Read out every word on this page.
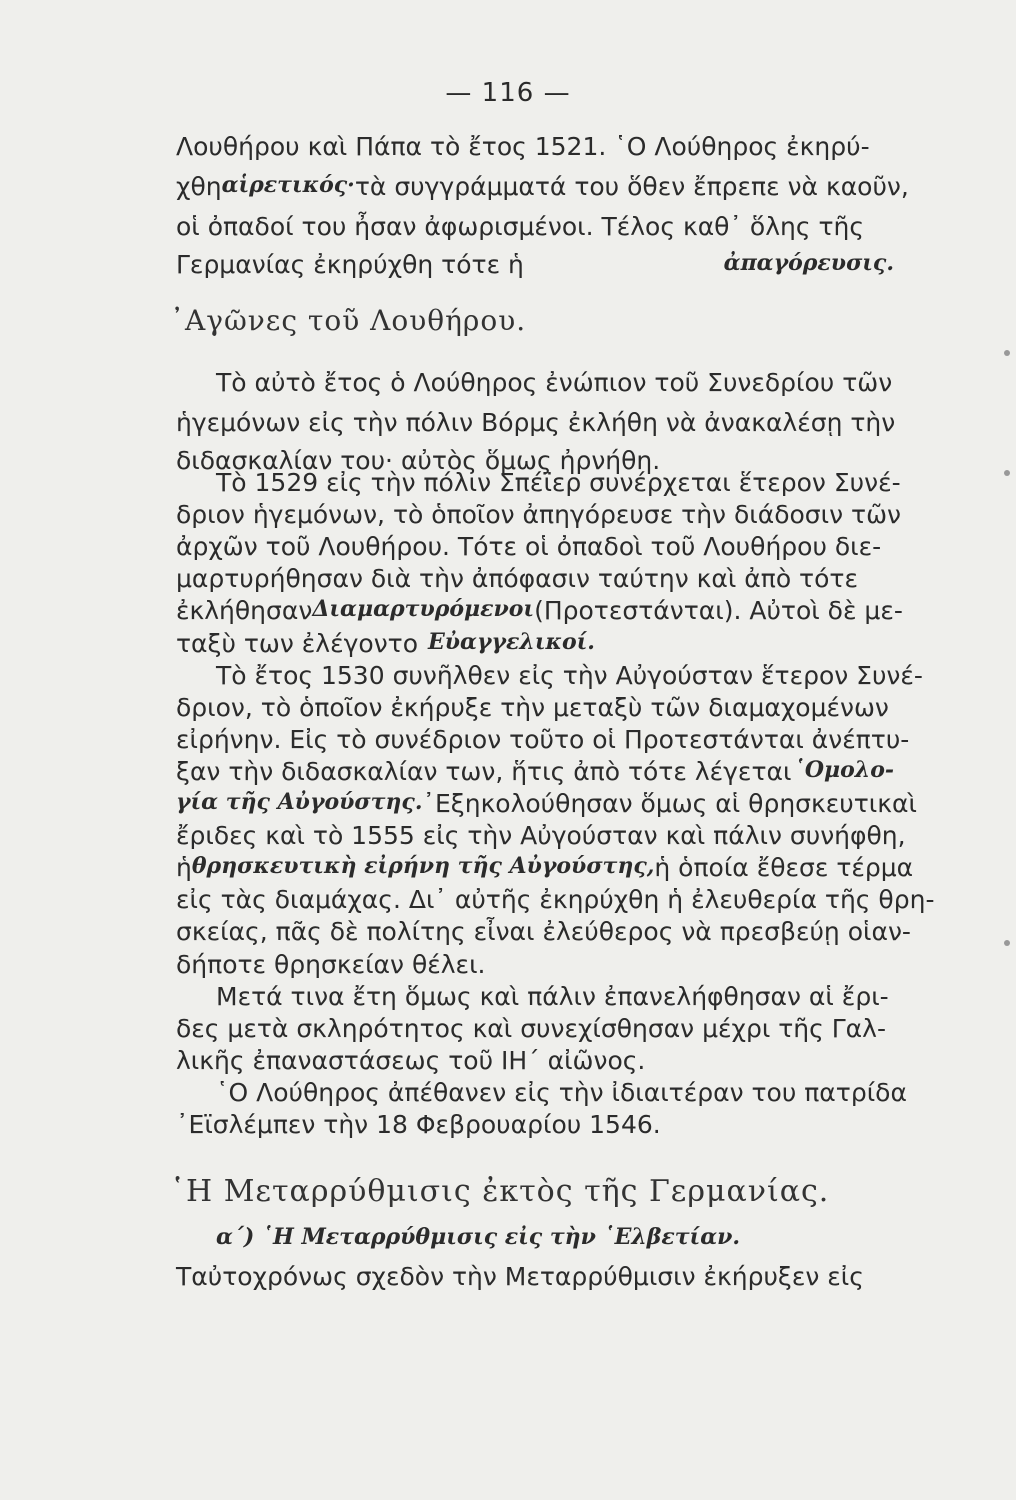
— 116 —
᾿Αγῶνες τοῦ Λουθήρου.
῾Η Μεταρρύθμισις ἐκτὸς τῆς Γερμανίας.
α΄) ῾Η Μεταρρύθμισις εἰς τὴν ῾Ελβετίαν.
Λουθήρου καὶ Πάπα τὸ ἔτος 1521. ῾Ο Λούθηρος ἐκηρύ-
χθη αἱρετικός· τὰ συγγράμματά του ὅθεν ἔπρεπε νὰ καοῦν,
οἱ ὀπαδοί του ἦσαν ἀφωρισμένοι. Τέλος καθ᾿ ὅλης τῆς
Γερμανίας ἐκηρύχθη τότε ἡ	ἀπαγόρευσις.
Τὸ αὐτὸ ἔτος ὁ Λούθηρος ἐνώπιον τοῦ Συνεδρίου τῶν
ἡγεμόνων εἰς τὴν πόλιν Βόρμς ἐκλήθη νὰ ἀνακαλέσῃ τὴν
διδασκαλίαν του· αὐτὸς ὅμως ἠρνήθη.
Τὸ 1529 εἰς τὴν πόλιν Σπέϊερ συνέρχεται ἕτερον Συνέ-
δριον ἡγεμόνων, τὸ ὁποῖον ἀπηγόρευσε τὴν διάδοσιν τῶν
ἀρχῶν τοῦ Λουθήρου. Τότε οἱ ὀπαδοὶ τοῦ Λουθήρου διε-
μαρτυρήθησαν διὰ τὴν ἀπόφασιν ταύτην καὶ ἀπὸ τότε
ἐκλήθησαν Διαμαρτυρόμενοι (Προτεστάνται). Αὐτοὶ δὲ με-
ταξὺ των ἐλέγοντο Εὐαγγελικοί.
Τὸ ἔτος 1530 συνῆλθεν εἰς τὴν Αὐγούσταν ἕτερον Συνέ-
δριον, τὸ ὁποῖον ἐκήρυξε τὴν μεταξὺ τῶν διαμαχομένων
εἰρήνην. Εἰς τὸ συνέδριον τοῦτο οἱ Προτεστάνται ἀνέπτυ-
ξαν τὴν διδασκαλίαν των, ἥτις ἀπὸ τότε λέγεται ῾Ομολο-
γία τῆς Αὐγούστης. ᾿Εξηκολούθησαν ὅμως αἱ θρησκευτικαὶ
ἔριδες καὶ τὸ 1555 εἰς τὴν Αὐγούσταν καὶ πάλιν συνήφθη,
ἡ θρησκευτικὴ εἰρήνη τῆς Αὐγούστης, ἡ ὁποία ἔθεσε τέρμα
εἰς τὰς διαμάχας. Δι᾿ αὐτῆς ἐκηρύχθη ἡ ἐλευθερία τῆς θρη-
σκείας, πᾶς δὲ πολίτης εἶναι ἐλεύθερος νὰ πρεσβεύῃ οἱαν-
δήποτε θρησκείαν θέλει.
Μετά τινα ἔτη ὅμως καὶ πάλιν ἐπανελήφθησαν αἱ ἔρι-
δες μετὰ σκληρότητος καὶ συνεχίσθησαν μέχρι τῆς Γαλ-
λικῆς ἐπαναστάσεως τοῦ ΙΗ΄ αἰῶνος.
῾Ο Λούθηρος ἀπέθανεν εἰς τὴν ἰδιαιτέραν του πατρίδα
᾿Εϊσλέμπεν τὴν 18 Φεβρουαρίου 1546.
Ταὐτοχρόνως σχεδὸν τὴν Μεταρρύθμισιν ἐκήρυξεν εἰς
